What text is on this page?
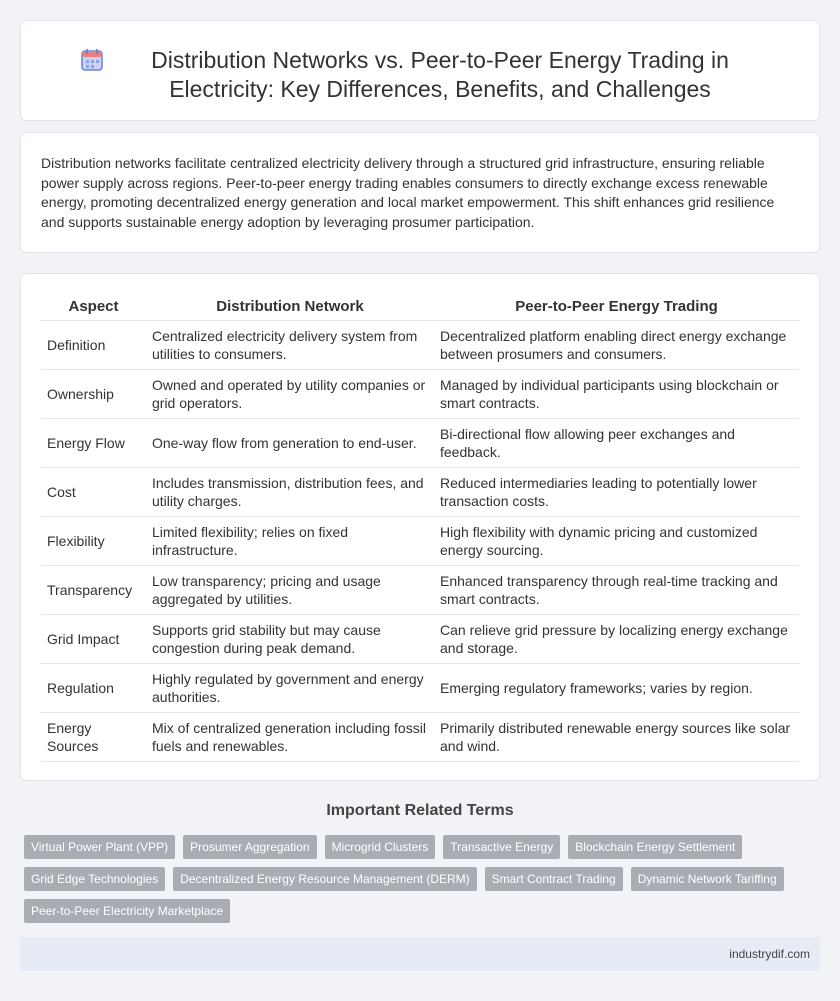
Distribution Networks vs. Peer-to-Peer Energy Trading in Electricity: Key Differences, Benefits, and Challenges

Distribution networks facilitate centralized electricity delivery through a structured grid infrastructure, ensuring reliable power supply across regions. Peer-to-peer energy trading enables consumers to directly exchange excess renewable energy, promoting decentralized energy generation and local market empowerment. This shift enhances grid resilience and supports sustainable energy adoption by leveraging prosumer participation.

Aspect	Distribution Network	Peer-to-Peer Energy Trading
Definition	Centralized electricity delivery system from utilities to consumers.	Decentralized platform enabling direct energy exchange between prosumers and consumers.
Ownership	Owned and operated by utility companies or grid operators.	Managed by individual participants using blockchain or smart contracts.
Energy Flow	One-way flow from generation to end-user.	Bi-directional flow allowing peer exchanges and feedback.
Cost	Includes transmission, distribution fees, and utility charges.	Reduced intermediaries leading to potentially lower transaction costs.
Flexibility	Limited flexibility; relies on fixed infrastructure.	High flexibility with dynamic pricing and customized energy sourcing.
Transparency	Low transparency; pricing and usage aggregated by utilities.	Enhanced transparency through real-time tracking and smart contracts.
Grid Impact	Supports grid stability but may cause congestion during peak demand.	Can relieve grid pressure by localizing energy exchange and storage.
Regulation	Highly regulated by government and energy authorities.	Emerging regulatory frameworks; varies by region.
Energy Sources	Mix of centralized generation including fossil fuels and renewables.	Primarily distributed renewable energy sources like solar and wind.
Important Related Terms
Virtual Power Plant (VPP)	Prosumer Aggregation	Microgrid Clusters	Transactive Energy	Blockchain Energy Settlement
Grid Edge Technologies	Decentralized Energy Resource Management (DERM)	Smart Contract Trading	Dynamic Network Tariffing
Peer-to-Peer Electricity Marketplace
industrydif.com
